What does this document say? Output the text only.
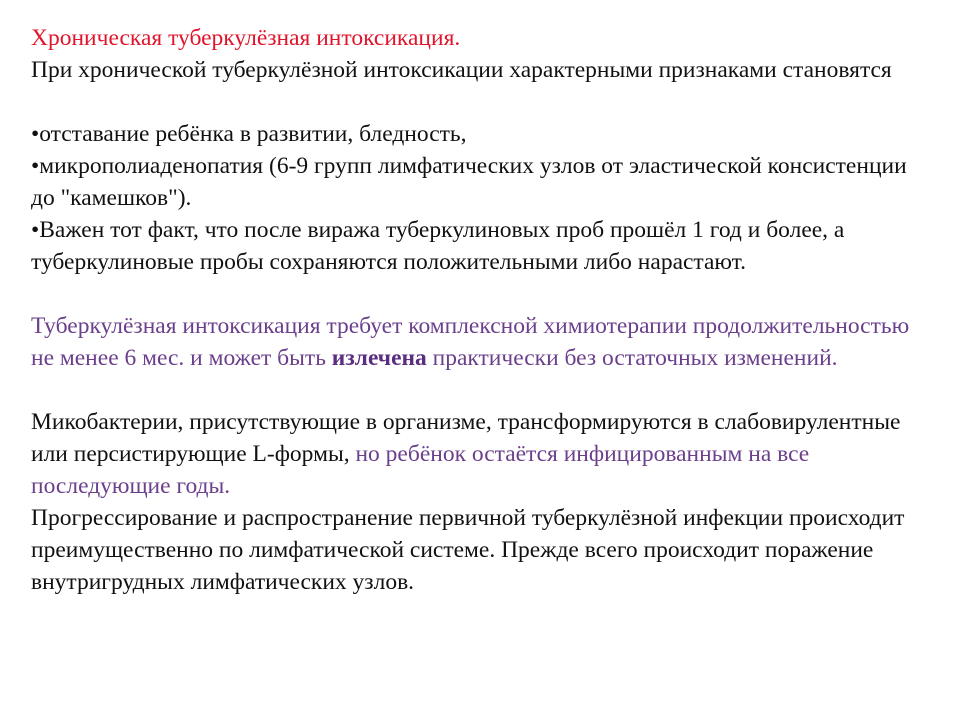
Хроническая туберкулёзная интоксикация.

При хронической туберкулёзной интоксикации характерными признаками становятся

• отставание ребёнка в развитии, бледность,

• микрополиаденопатия (6-9 групп лимфатических узлов от эластической консистенции до "камешков").

• Важен тот факт, что после виража туберкулиновых проб прошёл 1 год и более, а туберкулиновые пробы сохраняются положительными либо нарастают.

Туберкулёзная интоксикация требует комплексной химиотерапии продолжительностью не менее 6 мес. и может быть излечена практически без остаточных изменений.

Микобактерии, присутствующие в организме, трансформируются в слабовирулентные или персистирующие L-формы, но ребёнок остаётся инфицированным на все последующие годы.

Прогрессирование и распространение первичной туберкулёзной инфекции происходит преимущественно по лимфатической системе. Прежде всего происходит поражение внутригрудных лимфатических узлов.
